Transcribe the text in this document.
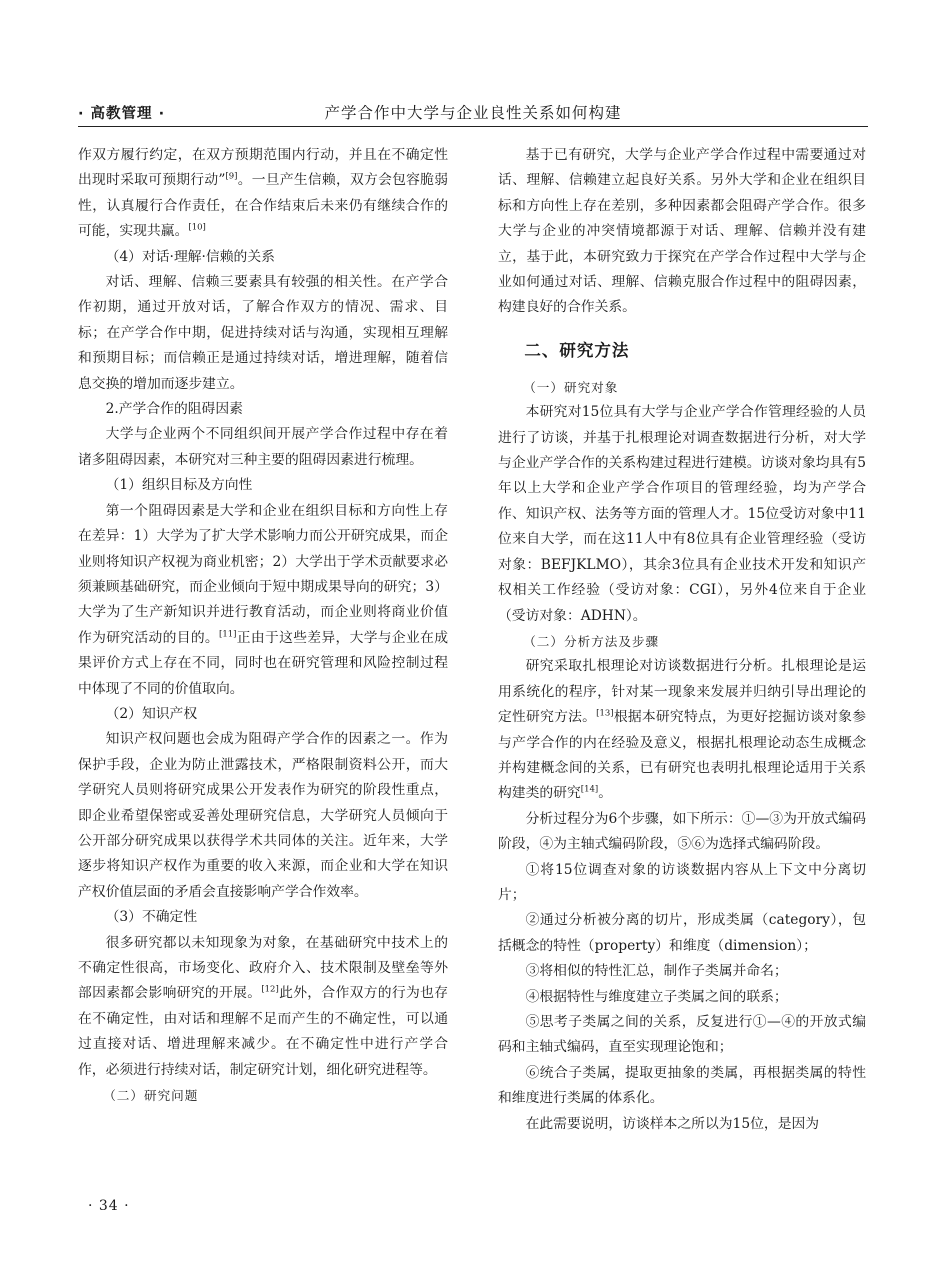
· 高教管理 ·	产学合作中大学与企业良性关系如何构建

作双方履行约定，在双方预期范围内行动，并且在不确定性出现时采取可预期行动”[9]。一旦产生信赖，双方会包容脆弱性，认真履行合作责任，在合作结束后未来仍有继续合作的可能，实现共赢。[10]

（4）对话·理解·信赖的关系

对话、理解、信赖三要素具有较强的相关性。在产学合作初期，通过开放对话，了解合作双方的情况、需求、目标；在产学合作中期，促进持续对话与沟通，实现相互理解和预期目标；而信赖正是通过持续对话，增进理解，随着信息交换的增加而逐步建立。

2.产学合作的阻碍因素

大学与企业两个不同组织间开展产学合作过程中存在着诸多阻碍因素，本研究对三种主要的阻碍因素进行梳理。

（1）组织目标及方向性

第一个阻碍因素是大学和企业在组织目标和方向性上存在差异：1）大学为了扩大学术影响力而公开研究成果，而企业则将知识产权视为商业机密；2）大学出于学术贡献要求必须兼顾基础研究，而企业倾向于短中期成果导向的研究；3）大学为了生产新知识并进行教育活动，而企业则将商业价值作为研究活动的目的。[11]正由于这些差异，大学与企业在成果评价方式上存在不同，同时也在研究管理和风险控制过程中体现了不同的价值取向。

（2）知识产权

知识产权问题也会成为阻碍产学合作的因素之一。作为保护手段，企业为防止泄露技术，严格限制资料公开，而大学研究人员则将研究成果公开发表作为研究的阶段性重点，即企业希望保密或妥善处理研究信息，大学研究人员倾向于公开部分研究成果以获得学术共同体的关注。近年来，大学逐步将知识产权作为重要的收入来源，而企业和大学在知识产权价值层面的矛盾会直接影响产学合作效率。

（3）不确定性

很多研究都以未知现象为对象，在基础研究中技术上的不确定性很高，市场变化、政府介入、技术限制及壁垒等外部因素都会影响研究的开展。[12]此外，合作双方的行为也存在不确定性，由对话和理解不足而产生的不确定性，可以通过直接对话、增进理解来减少。在不确定性中进行产学合作，必须进行持续对话，制定研究计划，细化研究进程等。

（二）研究问题

基于已有研究，大学与企业产学合作过程中需要通过对话、理解、信赖建立起良好关系。另外大学和企业在组织目标和方向性上存在差别，多种因素都会阻碍产学合作。很多大学与企业的冲突情境都源于对话、理解、信赖并没有建立，基于此，本研究致力于探究在产学合作过程中大学与企业如何通过对话、理解、信赖克服合作过程中的阻碍因素，构建良好的合作关系。

二、研究方法

（一）研究对象

本研究对15位具有大学与企业产学合作管理经验的人员进行了访谈，并基于扎根理论对调查数据进行分析，对大学与企业产学合作的关系构建过程进行建模。访谈对象均具有5年以上大学和企业产学合作项目的管理经验，均为产学合作、知识产权、法务等方面的管理人才。15位受访对象中11位来自大学，而在这11人中有8位具有企业管理经验（受访对象：BEFJKLMO），其余3位具有企业技术开发和知识产权相关工作经验（受访对象：CGI），另外4位来自于企业（受访对象：ADHN）。

（二）分析方法及步骤

研究采取扎根理论对访谈数据进行分析。扎根理论是运用系统化的程序，针对某一现象来发展并归纳引导出理论的定性研究方法。[13]根据本研究特点，为更好挖掘访谈对象参与产学合作的内在经验及意义，根据扎根理论动态生成概念并构建概念间的关系，已有研究也表明扎根理论适用于关系构建类的研究[14]。

分析过程分为6个步骤，如下所示：①—③为开放式编码阶段，④为主轴式编码阶段，⑤⑥为选择式编码阶段。

①将15位调查对象的访谈数据内容从上下文中分离切片；

②通过分析被分离的切片，形成类属（category），包括概念的特性（property）和维度（dimension）；

③将相似的特性汇总，制作子类属并命名；

④根据特性与维度建立子类属之间的联系；

⑤思考子类属之间的关系，反复进行①—④的开放式编码和主轴式编码，直至实现理论饱和；

⑥统合子类属，提取更抽象的类属，再根据类属的特性和维度进行类属的体系化。

在此需要说明，访谈样本之所以为15位，是因为

· 34 ·
